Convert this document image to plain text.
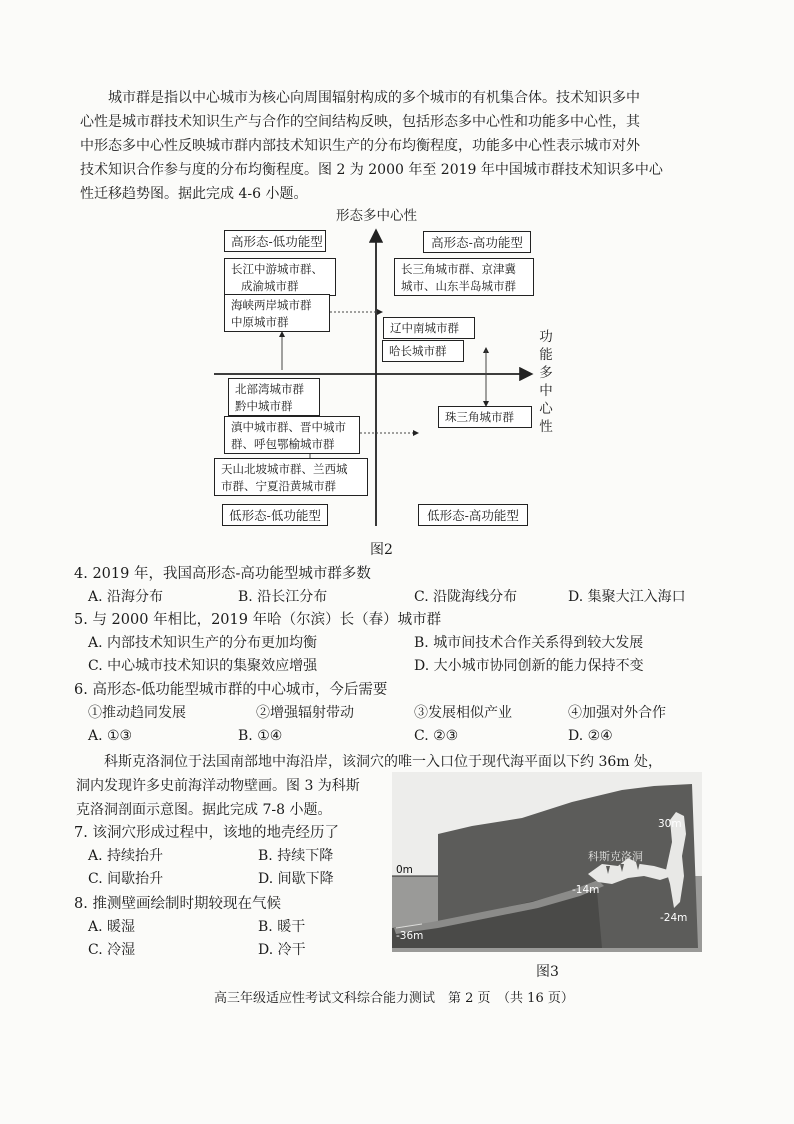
城市群是指以中心城市为核心向周围辐射构成的多个城市的有机集合体。技术知识多中
心性是城市群技术知识生产与合作的空间结构反映，包括形态多中心性和功能多中心性，其
中形态多中心性反映城市群内部技术知识生产的分布均衡程度，功能多中心性表示城市对外
技术知识合作参与度的分布均衡程度。图 2 为 2000 年至 2019 年中国城市群技术知识多中心
性迁移趋势图。据此完成 4-6 小题。
形态多中心性
功
能
多
中
心
性
高形态-低功能型	高形态-高功能型
低形态-低功能型	低形态-高功能型
长江中游城市群、
成渝城市群
海峡两岸城市群
中原城市群
长三角城市群、京津冀
城市、山东半岛城市群
辽中南城市群
哈长城市群
北部湾城市群
黔中城市群
滇中城市群、晋中城市
群、呼包鄂榆城市群
珠三角城市群
天山北坡城市群、兰西城
市群、宁夏沿黄城市群
图2
4. 2019 年，我国高形态-高功能型城市群多数
A. 沿海分布	B. 沿长江分布	C. 沿陇海线分布	D. 集聚大江入海口
5. 与 2000 年相比，2019 年哈（尔滨）长（春）城市群
A. 内部技术知识生产的分布更加均衡	B. 城市间技术合作关系得到较大发展
C. 中心城市技术知识的集聚效应增强	D. 大小城市协同创新的能力保持不变
6. 高形态-低功能型城市群的中心城市，今后需要
①推动趋同发展	②增强辐射带动	③发展相似产业	④加强对外合作
A. ①③	B. ①④	C. ②③	D. ②④
科斯克洛洞位于法国南部地中海沿岸，该洞穴的唯一入口位于现代海平面以下约 36m 处，
洞内发现许多史前海洋动物壁画。图 3 为科斯
克洛洞剖面示意图。据此完成 7-8 小题。
7. 该洞穴形成过程中，该地的地壳经历了
A. 持续抬升	B. 持续下降
C. 间歇抬升	D. 间歇下降
8. 推测壁画绘制时期较现在气候
A. 暖湿	B. 暖干
C. 冷湿	D. 冷干
30m
0m
科斯克洛洞
-14m
-24m
-36m
图3
高三年级适应性考试文科综合能力测试　第 2 页　（共 16 页）
